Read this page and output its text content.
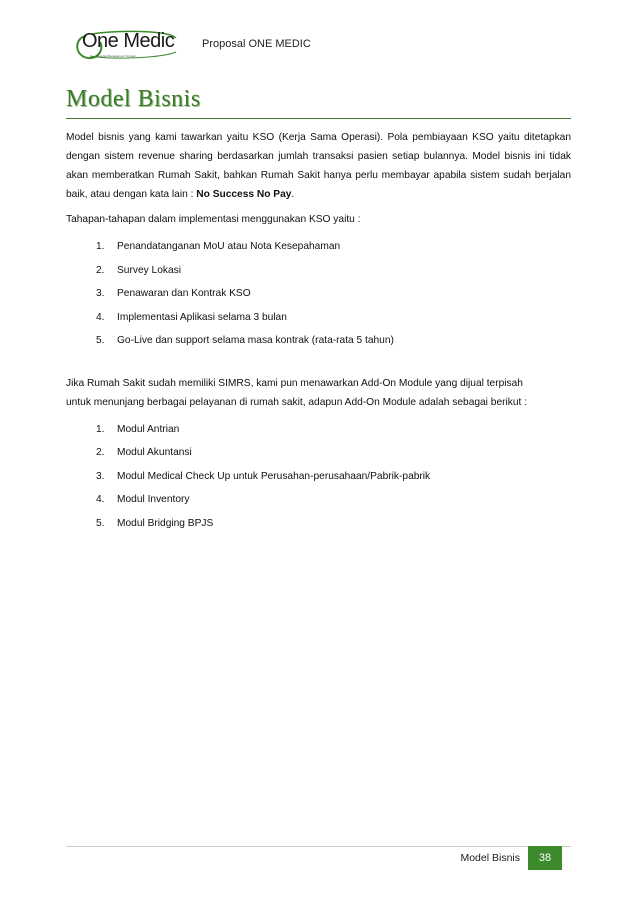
One Medic
Hospital Management System
Proposal ONE MEDIC
Model Bisnis

Model bisnis yang kami tawarkan yaitu KSO (Kerja Sama Operasi). Pola pembiayaan KSO yaitu ditetapkan dengan sistem revenue sharing berdasarkan jumlah transaksi pasien setiap bulannya. Model bisnis ini tidak akan memberatkan Rumah Sakit, bahkan Rumah Sakit hanya perlu membayar apabila sistem sudah berjalan baik, atau dengan kata lain : No Success No Pay.

Tahapan-tahapan dalam implementasi menggunakan KSO yaitu :

1. Penandatanganan MoU atau Nota Kesepahaman
2. Survey Lokasi
3. Penawaran dan Kontrak KSO
4. Implementasi Aplikasi selama 3 bulan
5. Go-Live dan support selama masa kontrak (rata-rata 5 tahun)

Jika Rumah Sakit sudah memiliki SIMRS, kami pun menawarkan Add-On Module yang dijual terpisah untuk menunjang berbagai pelayanan di rumah sakit, adapun Add-On Module adalah sebagai berikut :

1. Modul Antrian
2. Modul Akuntansi
3. Modul Medical Check Up untuk Perusahan-perusahaan/Pabrik-pabrik
4. Modul Inventory
5. Modul Bridging BPJS
Model Bisnis	38
